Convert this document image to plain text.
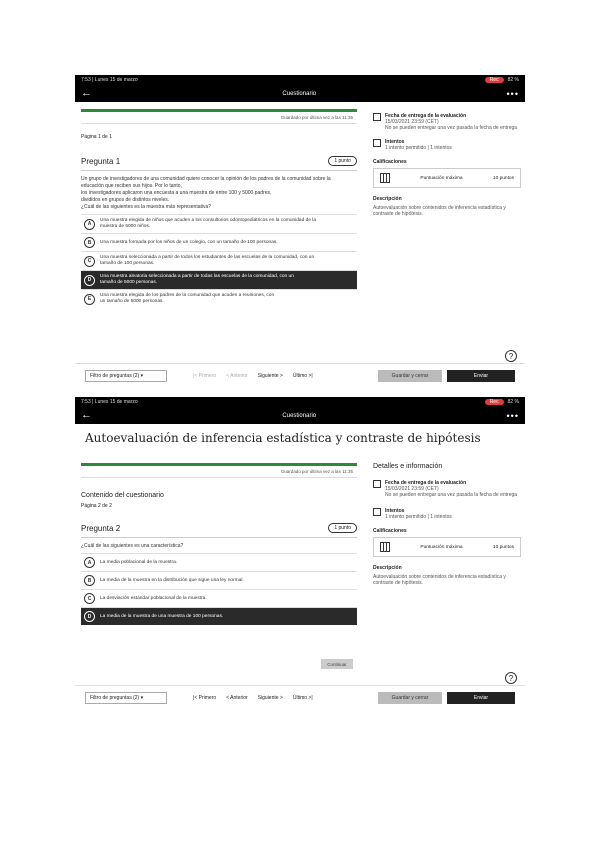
7:53 | Lunes 15 de marzo	Rec	82 %
←	Cuestionario	•••
Guardado por última vez a las 11:35
Página 1 de 1
Pregunta 1	1 punto
Un grupo de investigadores de una comunidad quiere conocer la opinión de los padres de la comunidad sobre la
educación que reciben sus hijos. Por lo tanto,
los investigadores aplicaron una encuesta a una muestra de entre 100 y 5000 padres,
divididos en grupos de distintos niveles.
¿Cuál de las siguientes es la muestra más representativa?
A
Una muestra elegida de niños que acuden a los consultorios odontopediátricos en la comunidad de la
muestra de 5000 niños.
B	Una muestra formada por los niños de un colegio, con un tamaño de 100 personas.
C
Una muestra seleccionada a partir de todos los estudiantes de las escuelas de la comunidad, con un
tamaño de 100 personas.
D
Una muestra aleatoria seleccionada a partir de todas las escuelas de la comunidad, con un
tamaño de 5000 personas.
E
Una muestra elegida de los padres de la comunidad que acuden a reuniones, con
un tamaño de 5000 personas.
Fecha de entrega de la evaluación
15/03/2021 23:59 (CET)
No se pueden entregar una vez pasada la fecha de entrega
Intentos
1 intento permitido | 1 intentos
Calificaciones
Puntuación máxima	10 puntos
Descripción
Autoevaluación sobre contenidos de inferencia estadística y contraste de hipótesis.
?
Filtro de preguntas (2) ▾	|< Primero < Anterior Siguiente > Último >|	Guardar y cerrar	Enviar
7:53 | Lunes 15 de marzo	Rec	82 %
←	Cuestionario	•••
Autoevaluación de inferencia estadística y contraste de hipótesis
Guardado por última vez a las 11:35
Contenido del cuestionario
Página 2 de 2
Pregunta 2	1 punto
¿Cuál de las siguientes es una característica?
A	La media poblacional de la muestra.
B	La media de la muestra en la distribución que sigue una ley normal.
C	La desviación estándar poblacional de la muestra.
D	La media de la muestra de una muestra de 100 personas.
Continuar
Detalles e información
Fecha de entrega de la evaluación
15/03/2021 23:59 (CET)
No se pueden entregar una vez pasada la fecha de entrega
Intentos
1 intento permitido | 1 intentos
Calificaciones
Puntuación máxima	10 puntos
Descripción
Autoevaluación sobre contenidos de inferencia estadística y contraste de hipótesis.
?
Filtro de preguntas (2) ▾	|< Primero < Anterior Siguiente > Último >|	Guardar y cerrar	Enviar
